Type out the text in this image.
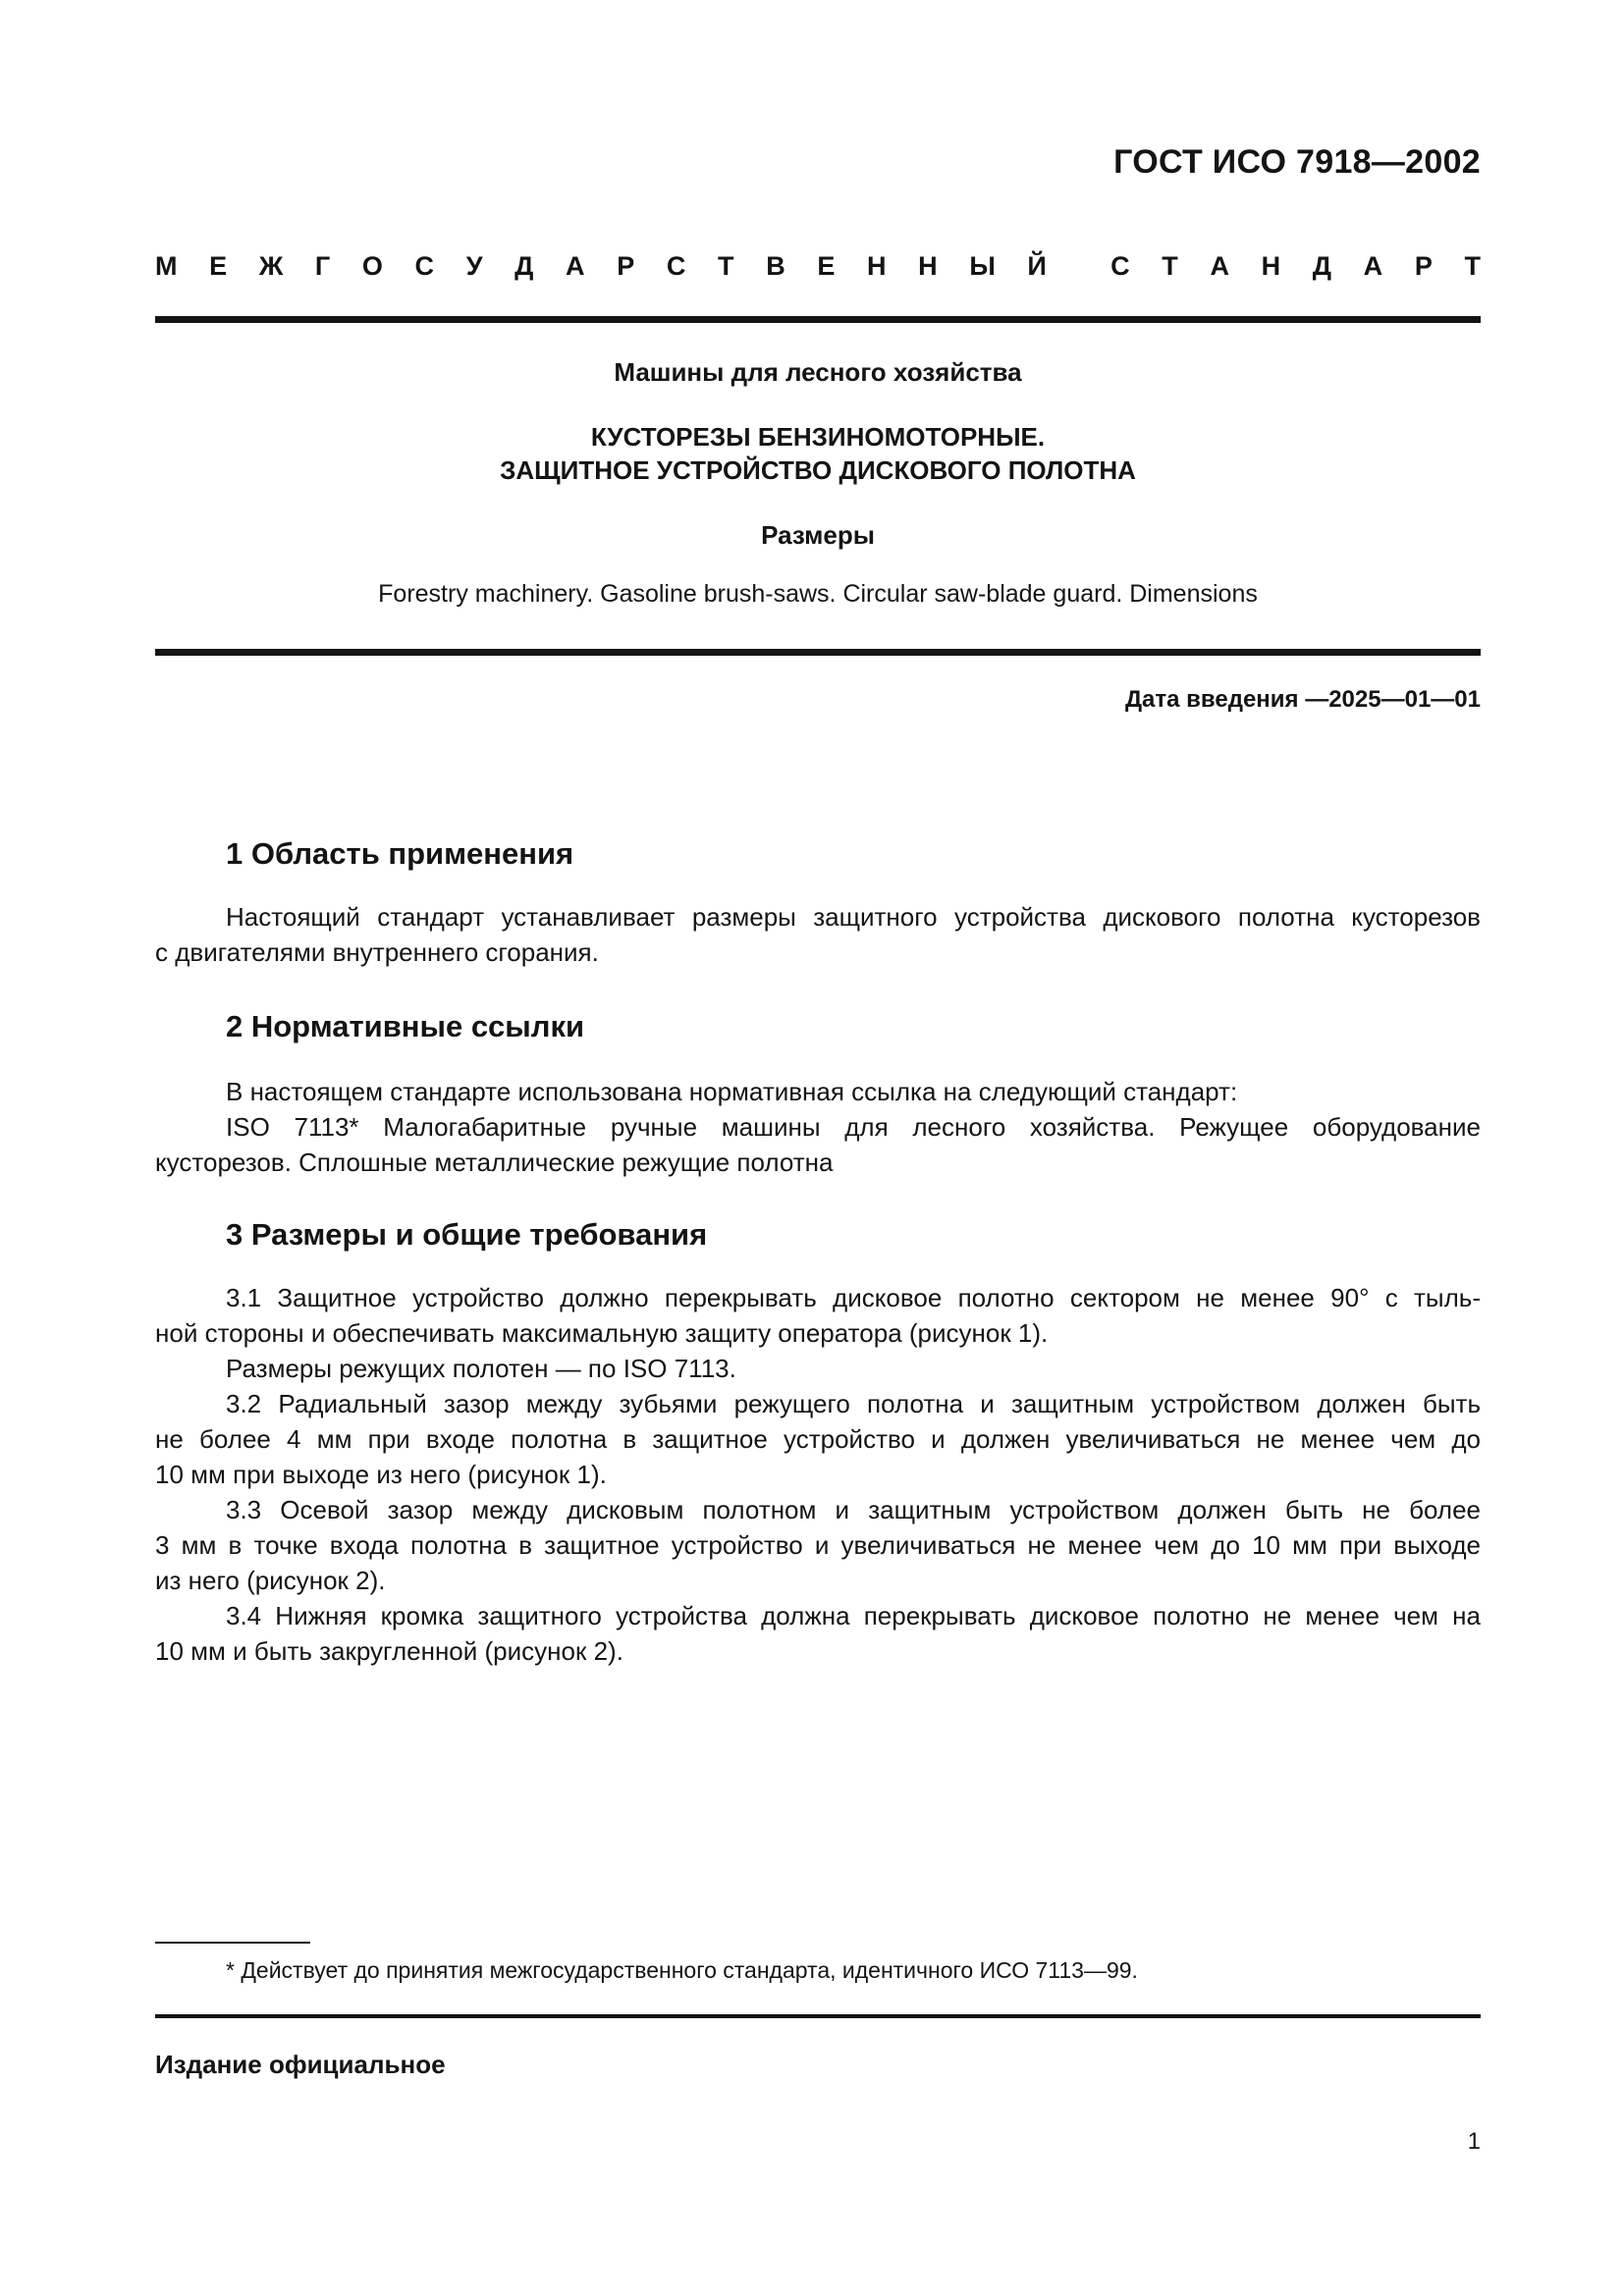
ГОСТ ИСО 7918—2002
М Е Ж Г О С У Д А Р С Т В Е Н Н Ы Й С Т А Н Д А Р Т
Машины для лесного хозяйства
КУСТОРЕЗЫ БЕНЗИНОМОТОРНЫЕ.
ЗАЩИТНОЕ УСТРОЙСТВО ДИСКОВОГО ПОЛОТНА
Размеры
Forestry machinery. Gasoline brush-saws. Circular saw-blade guard. Dimensions
Дата введения —2025—01—01
1 Область применения
Настоящий стандарт устанавливает размеры защитного устройства дискового полотна кусторезов
с двигателями внутреннего сгорания.
2 Нормативные ссылки
В настоящем стандарте использована нормативная ссылка на следующий стандарт:
ISO 7113* Малогабаритные ручные машины для лесного хозяйства. Режущее оборудование
кусторезов. Сплошные металлические режущие полотна
3 Размеры и общие требования
3.1 Защитное устройство должно перекрывать дисковое полотно сектором не менее 90° с тыль-
ной стороны и обеспечивать максимальную защиту оператора (рисунок 1).
Размеры режущих полотен — по ISO 7113.
3.2 Радиальный зазор между зубьями режущего полотна и защитным устройством должен быть
не более 4 мм при входе полотна в защитное устройство и должен увеличиваться не менее чем до
10 мм при выходе из него (рисунок 1).
3.3 Осевой зазор между дисковым полотном и защитным устройством должен быть не более
3 мм в точке входа полотна в защитное устройство и увеличиваться не менее чем до 10 мм при выходе
из него (рисунок 2).
3.4 Нижняя кромка защитного устройства должна перекрывать дисковое полотно не менее чем на
10 мм и быть закругленной (рисунок 2).
* Действует до принятия межгосударственного стандарта, идентичного ИСО 7113—99.
Издание официальное
1
